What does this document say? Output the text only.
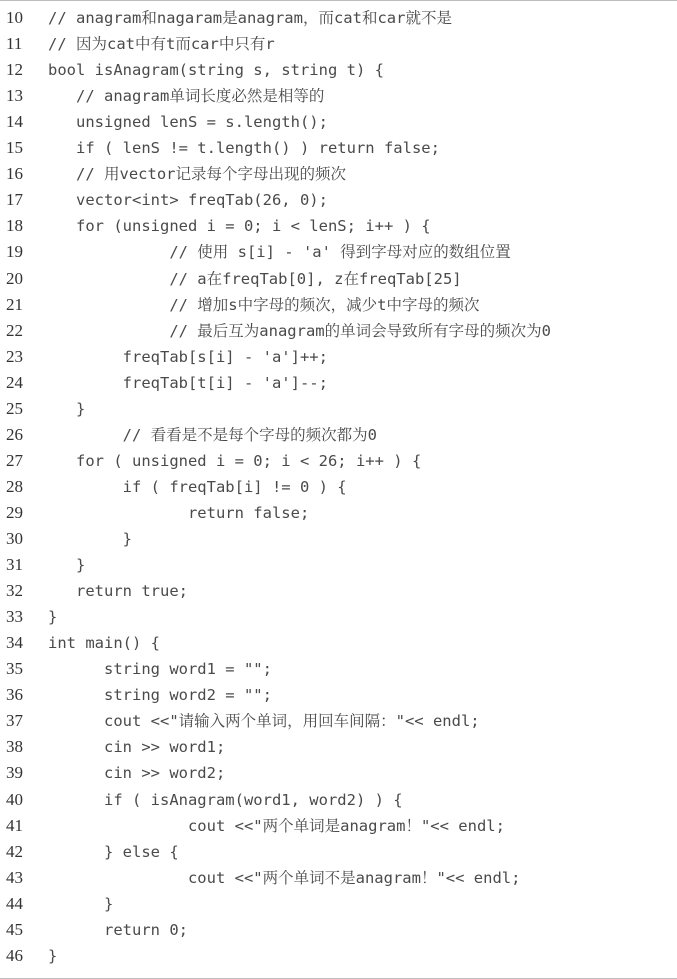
10	// anagram和nagaram是anagram，而cat和car就不是
11	// 因为cat中有t而car中只有r
12	bool isAnagram(string s, string t) {
13	// anagram单词长度必然是相等的
14	unsigned lenS = s.length();
15	if ( lenS != t.length() ) return false;
16	// 用vector记录每个字母出现的频次
17	vector<int> freqTab(26, 0);
18	for (unsigned i = 0; i < lenS; i++ ) {
19	// 使用 s[i] - 'a' 得到字母对应的数组位置
20	// a在freqTab[0], z在freqTab[25]
21	// 增加s中字母的频次，减少t中字母的频次
22	// 最后互为anagram的单词会导致所有字母的频次为0
23	freqTab[s[i] - 'a']++;
24	freqTab[t[i] - 'a']--;
25	}
26	// 看看是不是每个字母的频次都为0
27	for ( unsigned i = 0; i < 26; i++ ) {
28	if ( freqTab[i] != 0 ) {
29	return false;
30	}
31	}
32	return true;
33	}
34	int main() {
35	string word1 = "";
36	string word2 = "";
37	cout <<"请输入两个单词，用回车间隔："<< endl;
38	cin >> word1;
39	cin >> word2;
40	if ( isAnagram(word1, word2) ) {
41	cout <<"两个单词是anagram！"<< endl;
42	} else {
43	cout <<"两个单词不是anagram！"<< endl;
44	}
45	return 0;
46	}
